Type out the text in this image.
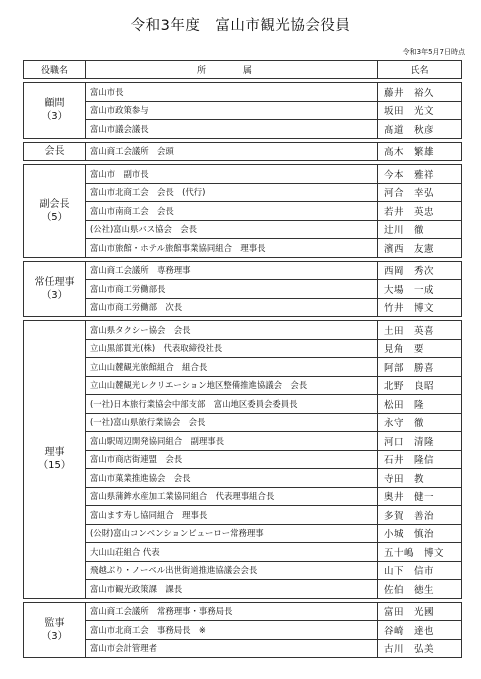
令和3年度　富山市観光協会役員
令和3年5月7日時点
役職名	所　属	氏名

顧問
（3）	富山市長	藤井　裕久
	富山市政策参与	坂田　光文
	富山市議会議長	髙道　秋彦

会長	富山商工会議所　会頭	高木　繁雄

副会長
（5）	富山市　副市長	今本　雅祥
	富山市北商工会　会長　(代行)	河合　幸弘
	富山市南商工会　会長	若井　英忠
	(公社)富山県バス協会　会長	辻川　徹
	富山市旅館・ホテル旅館事業協同組合　理事長	濱西　友憲

常任理事
（3）	富山商工会議所　専務理事	西岡　秀次
	富山市商工労働部長	大場　一成
	富山市商工労働部　次長	竹井　博文

理事
（15）	富山県タクシー協会　会長	土田　英喜
	立山黒部貫光(株)　代表取締役社長	見角　要
	立山山麓観光旅館組合　組合長	阿部　勝喜
	立山山麓観光レクリエーション地区整備推進協議会　会長	北野　良昭
	(一社)日本旅行業協会中部支部　富山地区委員会委員長	松田　隆
	(一社)富山県旅行業協会　会長	永守　徹
	富山駅周辺開発協同組合　副理事長	河口　清隆
	富山市商店街連盟　会長	石井　隆信
	富山市菓業推進協会　会長	寺田　教
	富山県蒲鉾水産加工業協同組合　代表理事組合長	奥井　健一
	富山ます寿し協同組合　理事長	多賀　善治
	(公財)富山コンベンションビューロー常務理事	小城　慎治
	大山山荘組合 代表	五十嶋　博文
	飛越ぶり・ノーベル出世街道推進協議会会長	山下　信市
	富山市観光政策課　課長	佐伯　徳生

監事
（3）	富山商工会議所　常務理事・事務局長	富田　光國
	富山市北商工会　事務局長　※	谷崎　達也
	富山市会計管理者	古川　弘美
